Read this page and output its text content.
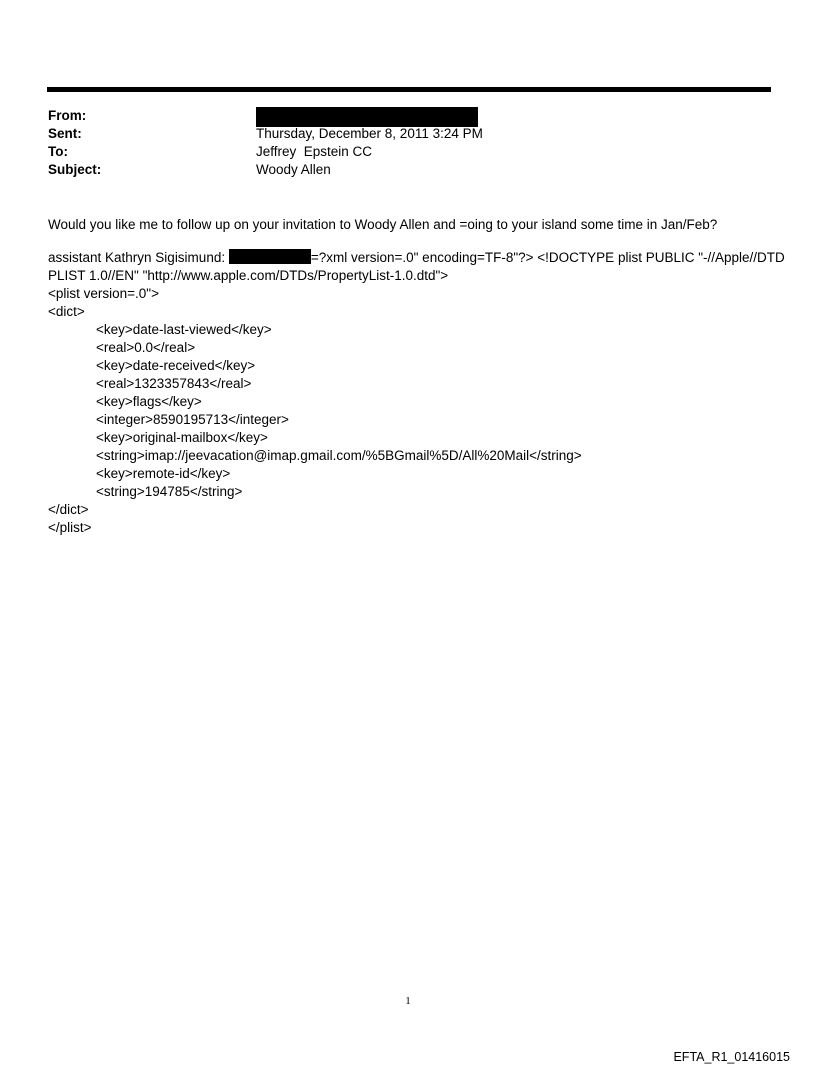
From:
Sent:	Thursday, December 8, 2011 3:24 PM
To:	Jeffrey  Epstein CC
Subject:	Woody Allen

Would you like me to follow up on your invitation to Woody Allen and =oing to your island some time in Jan/Feb?

assistant Kathryn Sigisimund:	=?xml version=.0" encoding=TF-8"?> <!DOCTYPE plist PUBLIC "-//Apple//DTD
PLIST 1.0//EN" "http://www.apple.com/DTDs/PropertyList-1.0.dtd">
<plist version=.0">
<dict>
<key>date-last-viewed</key>
<real>0.0</real>
<key>date-received</key>
<real>1323357843</real>
<key>flags</key>
<integer>8590195713</integer>
<key>original-mailbox</key>
<string>imap://jeevacation@imap.gmail.com/%5BGmail%5D/All%20Mail</string>
<key>remote-id</key>
<string>194785</string>
</dict>
</plist>
1
EFTA_R1_01416015
